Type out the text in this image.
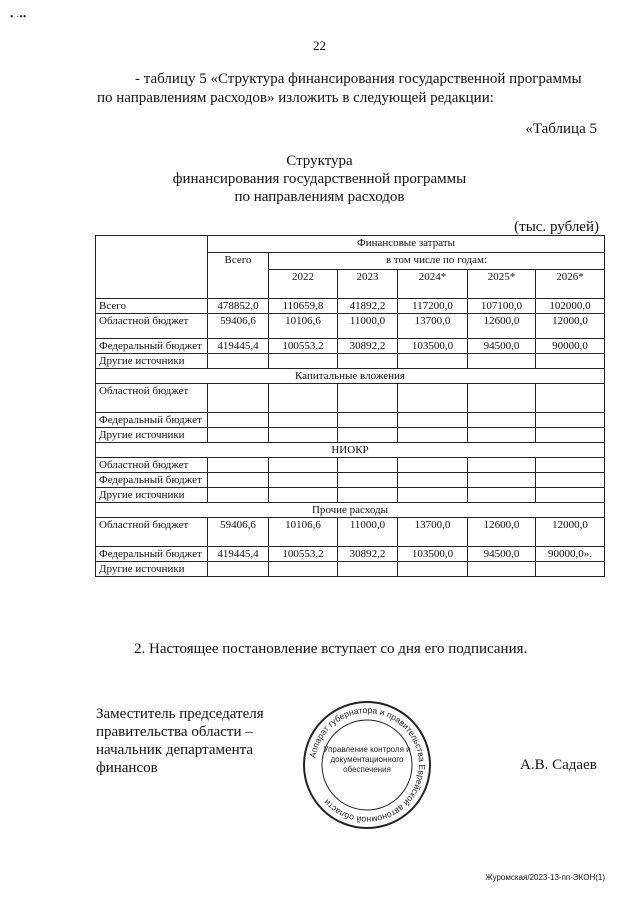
• ·••
22
- таблицу 5 «Структура финансирования государственной программы
по направлениям расходов» изложить в следующей редакции:
«Таблица 5
Структура
финансирования государственной программы
по направлениям расходов
(тыс. рублей)
	Финансовые затраты					
	Всего	в том числе по годам:				
		2022	2023	2024*	2025*	2026*
Всего	478852,0	110659,8	41892,2	117200,0	107100,0	102000,0
Областной бюджет	59406,6	10106,6	11000,0	13700,0	12600,0	12000,0
Федеральный бюджет	419445,4	100553,2	30892,2	103500,0	94500,0	90000,0
Другие источники						
Капитальные вложения						
Областной бюджет						
Федеральный бюджет						
Другие источники						
НИОКР						
Областной бюджет						
Федеральный бюджет						
Другие источники						
Прочие расходы						
Областной бюджет	59406,6	10106,6	11000,0	13700,0	12600,0	12000,0
Федеральный бюджет	419445,4	100553,2	30892,2	103500,0	94500,0	90000,0».
Другие источники						
2. Настоящее постановление вступает со дня его подписания.
Заместитель председателя
правительства области –
начальник департамента
финансов
Аппарат губернатора и правительства Еврейской автономной области
Управление контроля и
документационного
обеспечения	А.В. Садаев
Журомская/2023-13-пп-ЭКОН(1)
